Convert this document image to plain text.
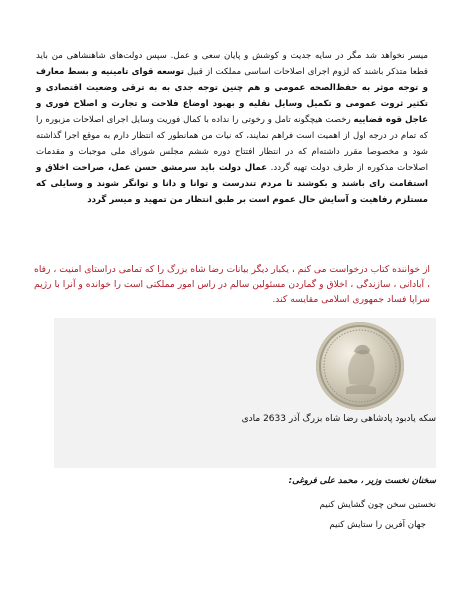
میسر نخواهد شد مگر در سایه جدیت و کوشش و پایان سعی و عمل. سپس دولت‌های شاهنشاهی من باید قطعا متذکر باشند که لزوم اجرای اصلاحات اساسی مملکت از قبیل توسعه قوای تامینیه و بسط معارف و توجه موثر به حفظ‌الصحه عمومی و هم چنین توجه جدی به به ترقی وضعیت اقتصادی و تکثیر ثروت عمومی و تکمیل وسایل نقلیه و بهبود اوضاع فلاحت و تجارت و اصلاح فوری و عاجل قوه قضاییه رخصت هیچگونه تامل و رخوتی را نداده با کمال فوریت وسایل اجرای اصلاحات مزبوره را که تمام در درجه اول از اهمیت است فراهم نمایند، که نیات من همانطور که انتظار دارم به موقع اجرا گذاشته شود و مخصوصا مقرر داشته‌ام که در انتظار افتتاح دوره ششم مجلس شورای ملی موجبات و مقدمات اصلاحات مذکوره از طرف دولت تهیه گردد. عمال دولت باید سرمشق حسن عمل، صراحت اخلاق و استقامت رای باشند و بکوشند تا مردم تندرست و توانا و دانا و توانگر شوند و وسایلی که مستلزم رفاهیت و آسایش حال عموم است بر طبق انتظار من تمهید و میسر گردد

از خوانندە کتاب درخواست می کنم ، یکبار دیگر بیانات رضا شاه بزرگ را که تمامی دراستای امنیت ، رفاه ، آبادانی ، سازندگی ، اخلاق و گماردن مسئولین سالم در راس امور مملکتی است را خوانده و آنرا با رژیم سراپا فساد جمهوری اسلامی مقایسه کند.

سکه یادبود پادشاهی رضا شاه بزرگ آذر 2633 مادی

سخنان نخست وزیر ، محمد علی فروغی:

نخستین سخن چون گشایش کنیم

جهان آفرین را ستایش کنیم
